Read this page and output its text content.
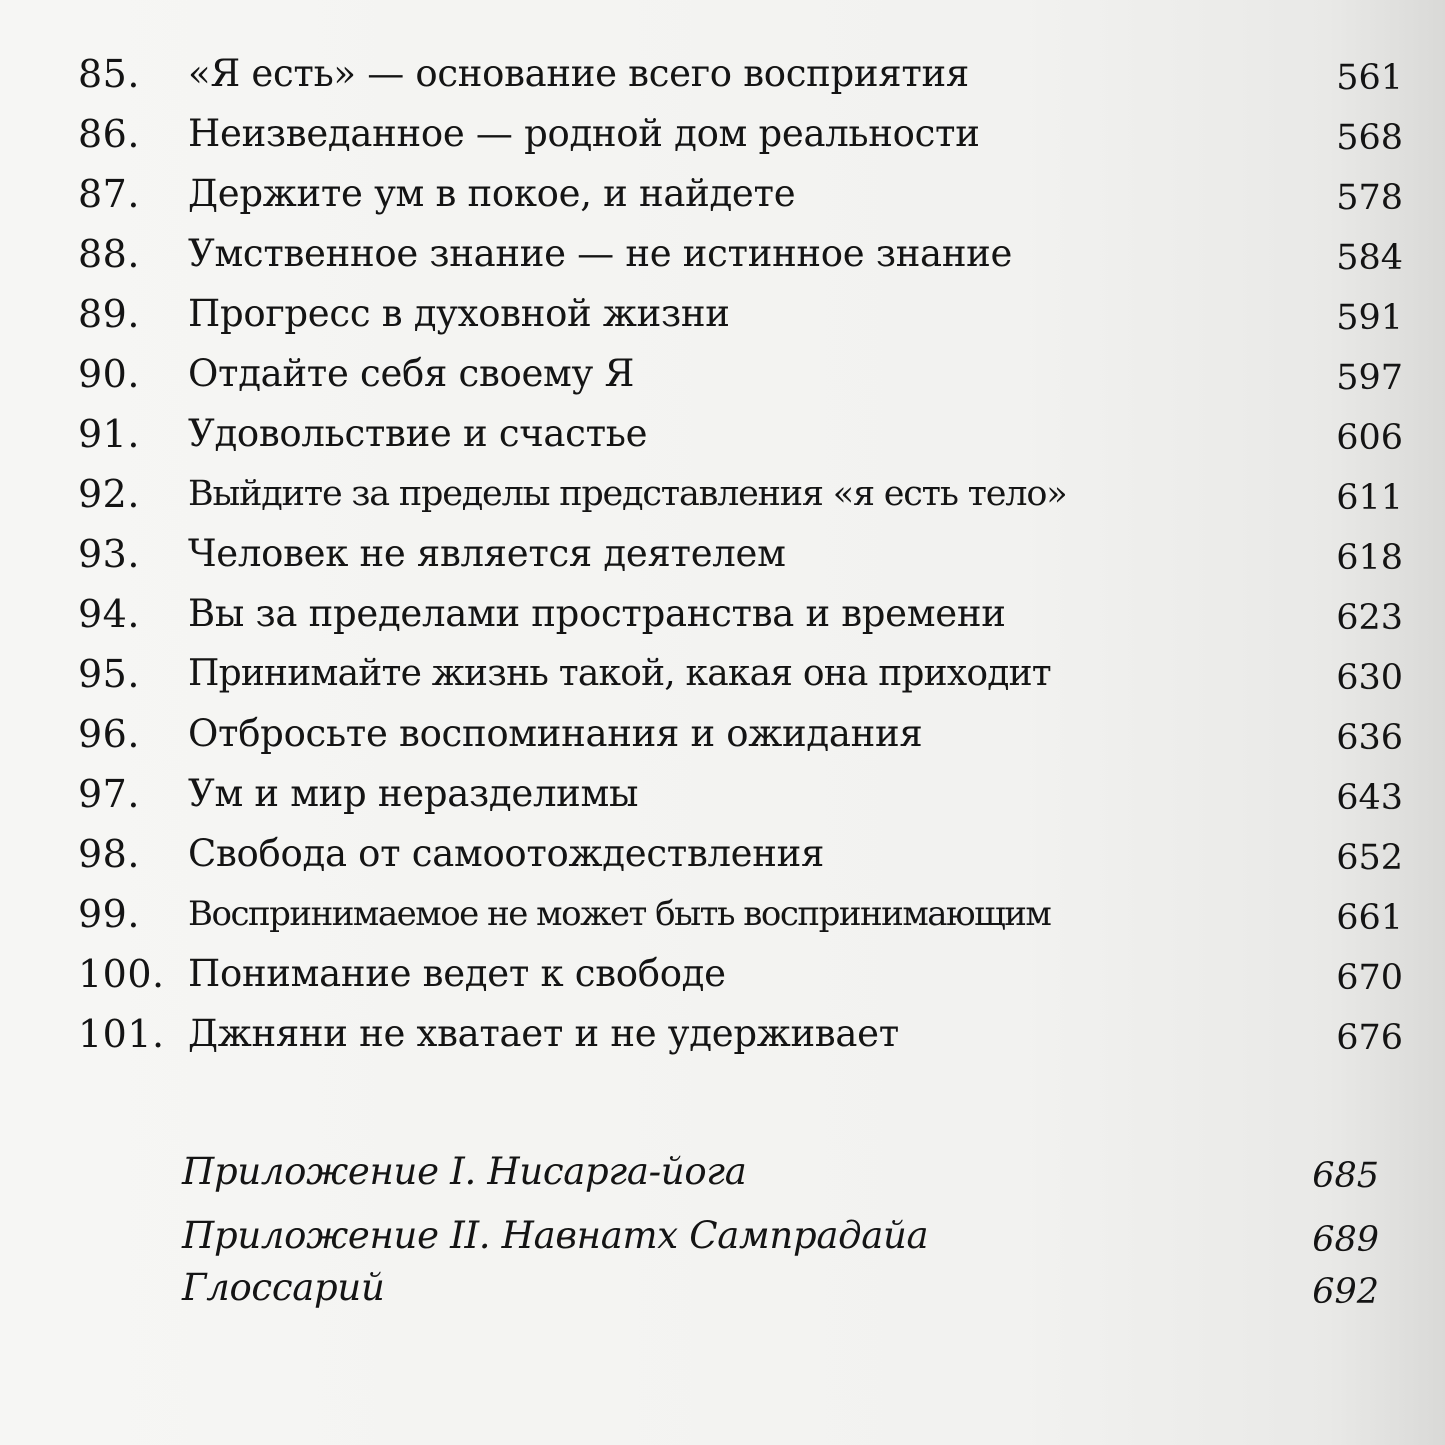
85. «Я есть» — основание всего восприятия	561
86. Неизведанное — родной дом реальности	568
87. Держите ум в покое, и найдете	578
88. Умственное знание — не истинное знание	584
89. Прогресс в духовной жизни	591
90. Отдайте себя своему Я	597
91. Удовольствие и счастье	606
92. Выйдите за пределы представления «я есть тело»	611
93. Человек не является деятелем	618
94. Вы за пределами пространства и времени	623
95. Принимайте жизнь такой, какая она приходит	630
96. Отбросьте воспоминания и ожидания	636
97. Ум и мир неразделимы	643
98. Свобода от самоотождествления	652
99. Воспринимаемое не может быть воспринимающим	661
100. Понимание ведет к свободе	670
101. Джняни не хватает и не удерживает	676
Приложение I. Нисарга-йога	685
Приложение II. Навнатх Сампрадайа	689
Глоссарий	692
